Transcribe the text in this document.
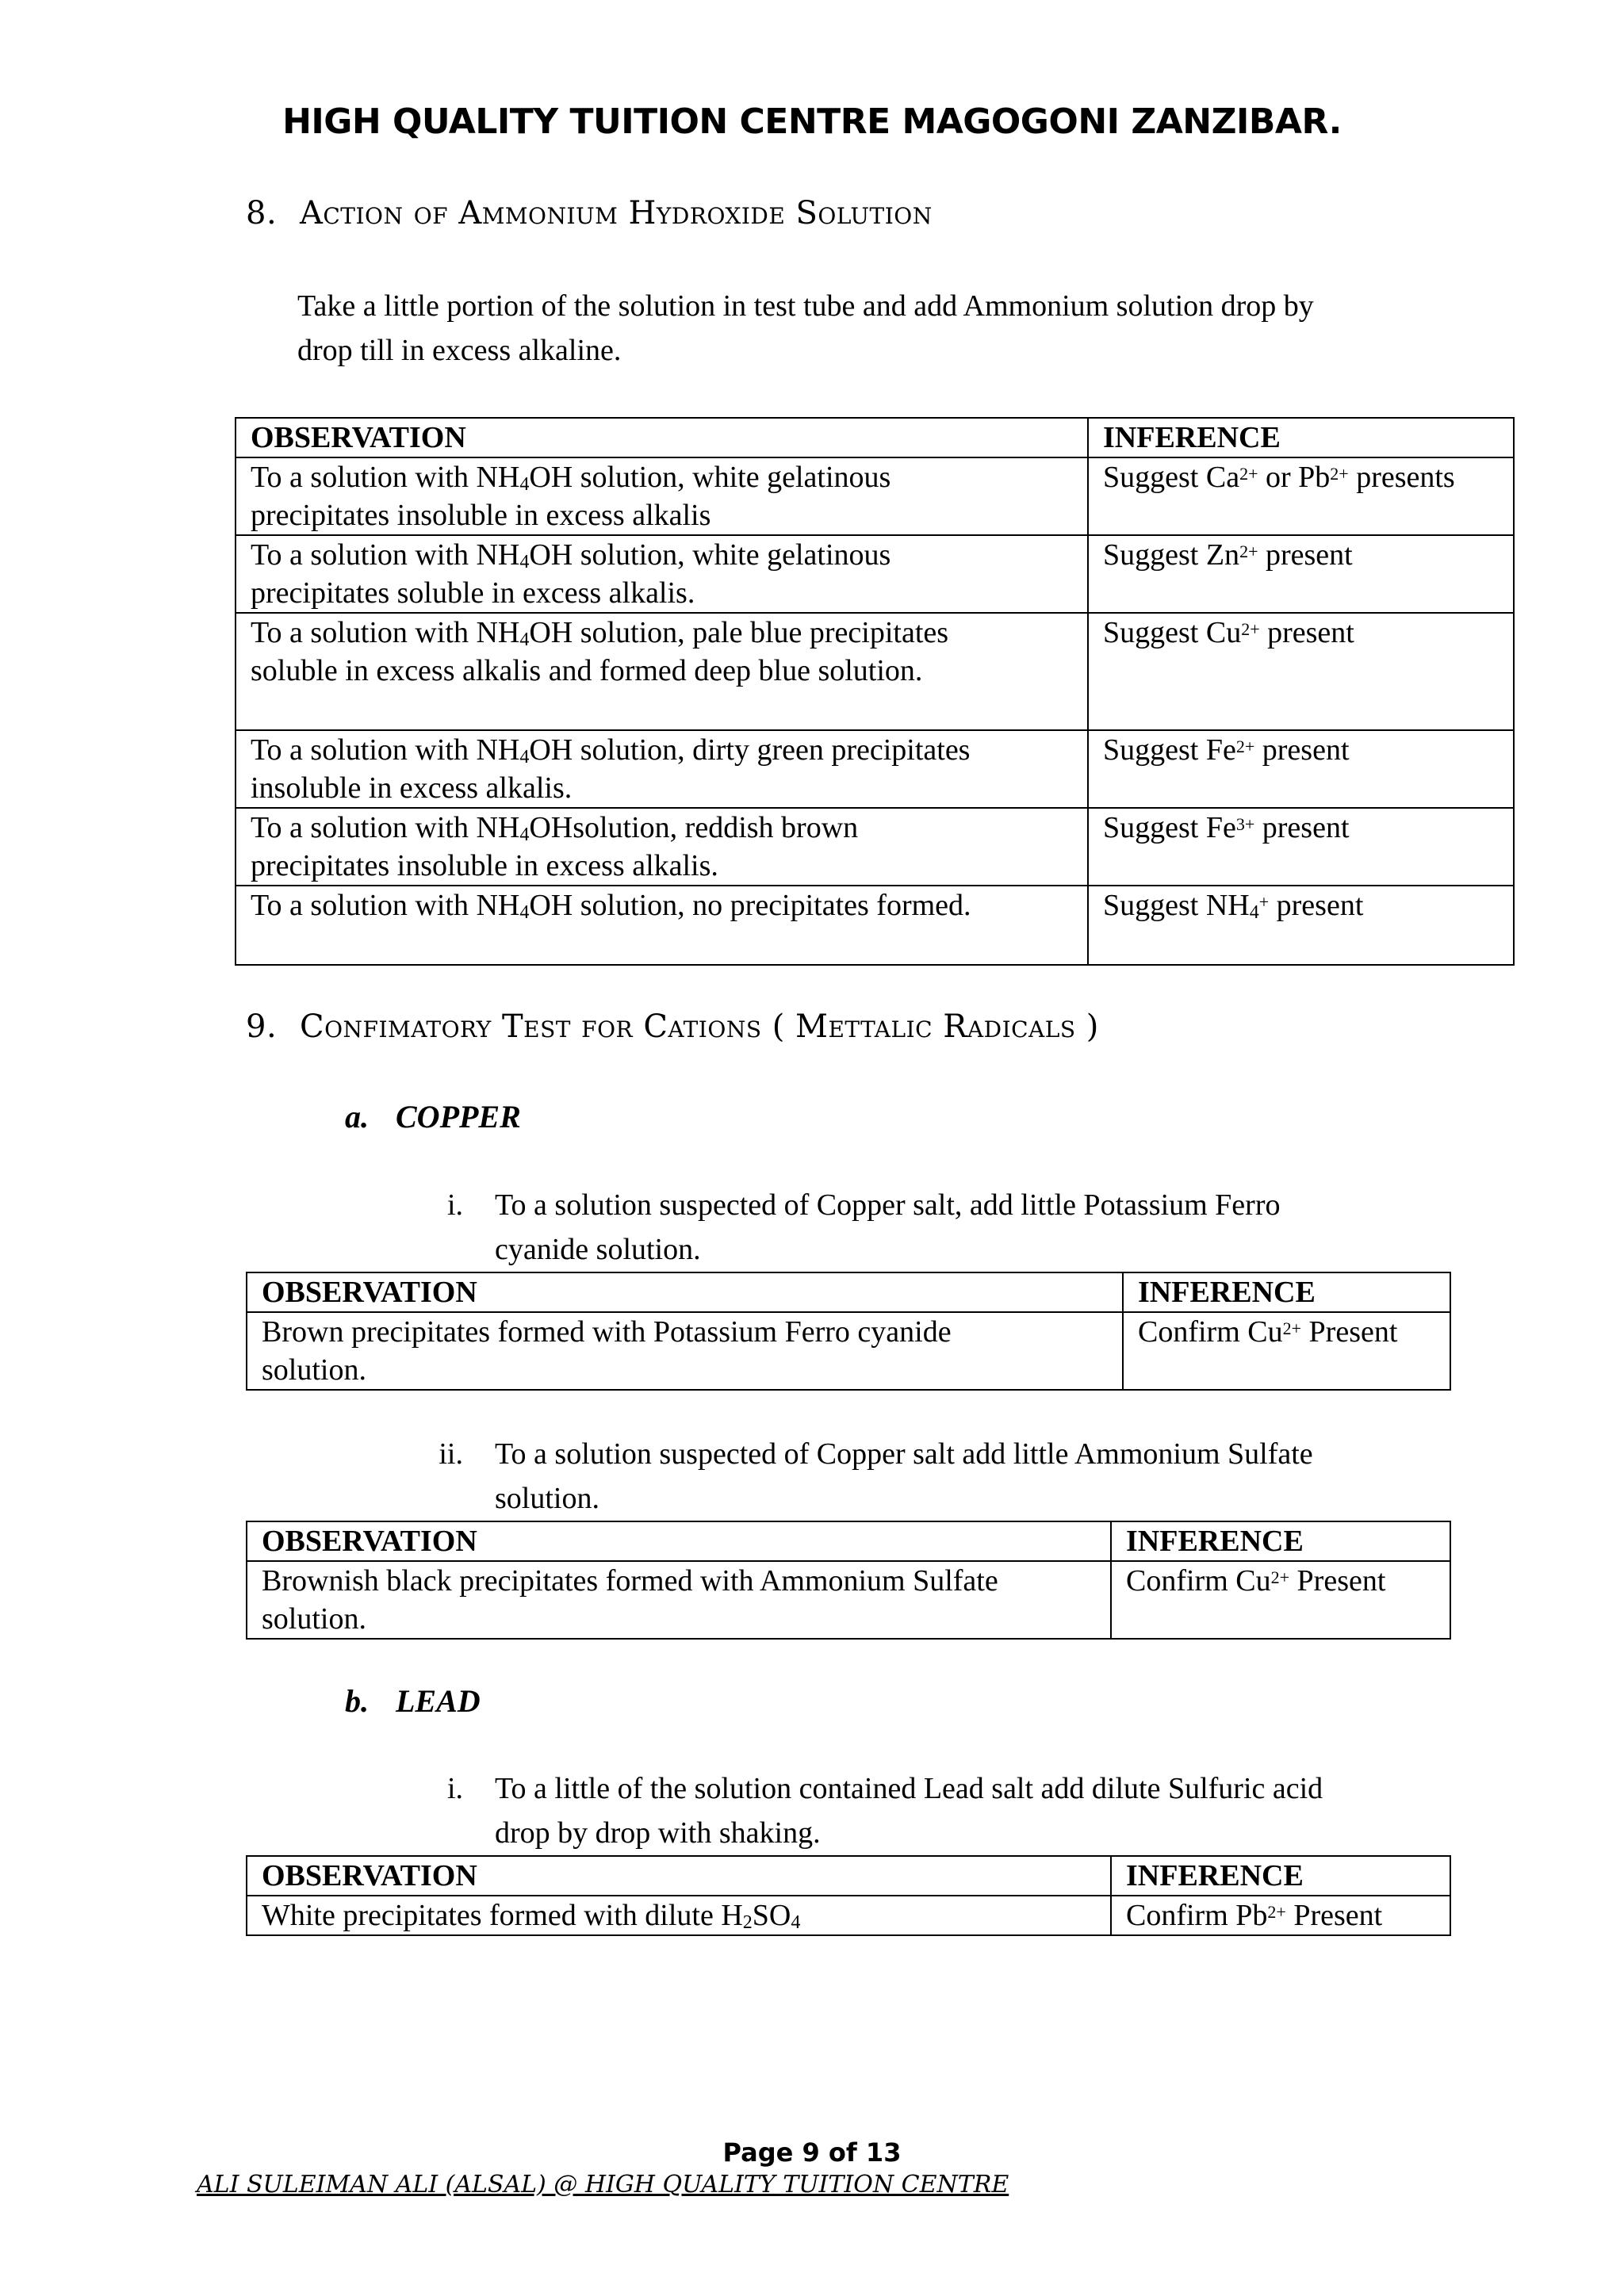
HIGH QUALITY TUITION CENTRE MAGOGONI ZANZIBAR.
8. Action of Ammonium Hydroxide Solution
Take a little portion of the solution in test tube and add Ammonium solution drop by
drop till in excess alkaline.
OBSERVATION	INFERENCE
To a solution with $NH_4OH$ solution, white gelatinous
precipitates insoluble in excess alkalis	Suggest $Ca^{2+}$ or $Pb^{2+}$ presents
To a solution with $NH_4OH$ solution, white gelatinous
precipitates soluble in excess alkalis.	Suggest $Zn^{2+}$ present
To a solution with $NH_4OH$ solution, pale blue precipitates
soluble in excess alkalis and formed deep blue solution.	Suggest $Cu^{2+}$ present
To a solution with $NH_4OH$ solution, dirty green precipitates
insoluble in excess alkalis.	Suggest $Fe^{2+}$ present
To a solution with $NH_4OHsolution$, reddish brown
precipitates insoluble in excess alkalis.	Suggest $Fe^{3+}$ present
To a solution with $NH_4OH$ solution, no precipitates formed.	Suggest $NH_4^+$ present
9. Confimatory Test for Cations ( Mettalic Radicals )
a. COPPER
i. To a solution suspected of Copper salt, add little Potassium Ferro
cyanide solution.
OBSERVATION	INFERENCE
Brown precipitates formed with Potassium Ferro cyanide
solution.	Confirm $Cu^{2+}$ Present
ii. To a solution suspected of Copper salt add little Ammonium Sulfate
solution.
OBSERVATION	INFERENCE
Brownish black precipitates formed with Ammonium Sulfate
solution.	Confirm $Cu^{2+}$ Present
b. LEAD
i. To a little of the solution contained Lead salt add dilute Sulfuric acid
drop by drop with shaking.
OBSERVATION	INFERENCE
White precipitates formed with dilute $H_2SO_4$	Confirm $Pb^{2+}$ Present
Page 9 of 13
ALI SULEIMAN ALI (ALSAL) @ HIGH QUALITY TUITION CENTRE
